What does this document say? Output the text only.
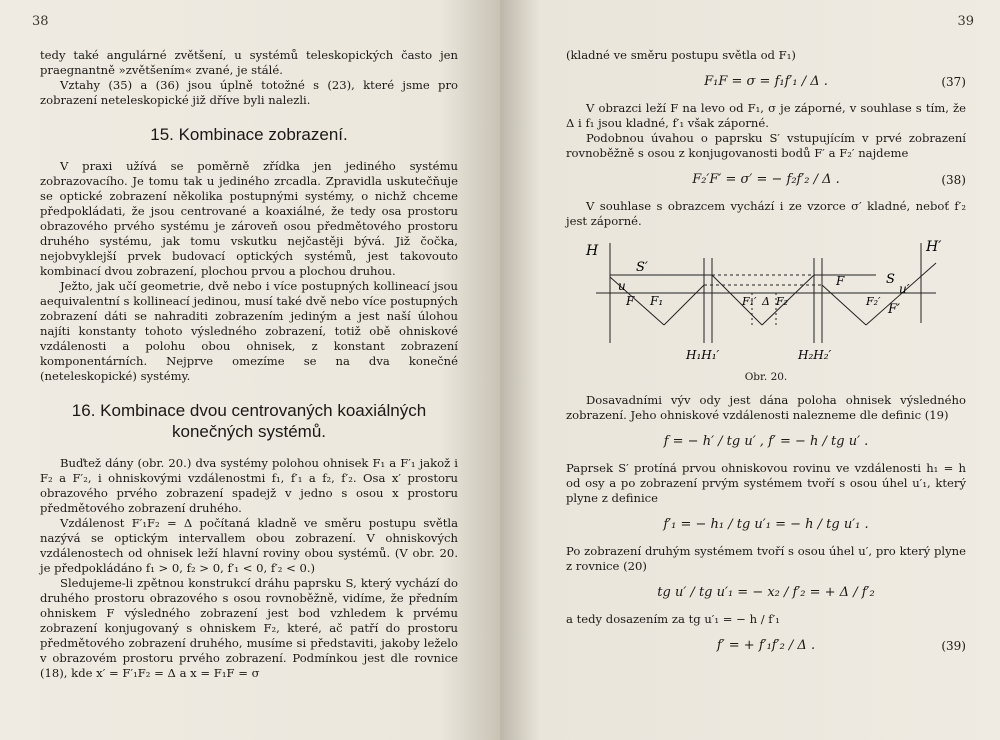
38

tedy také angulárné zvětšení, u systémů teleskopických často jen praegnantně »zvětšením« zvané, je stálé.

Vztahy (35) a (36) jsou úplně totožné s (23), které jsme pro zobrazení neteleskopické již dříve byli nalezli.

15. Kombinace zobrazení.

V praxi užívá se poměrně zřídka jen jediného systému zobrazovacího. Je tomu tak u jediného zrcadla. Zpravidla uskutečňuje se optické zobrazení několika postupnými systémy, o nichž chceme předpokládati, že jsou centrované a koaxiálné, že tedy osa prostoru obrazového prvého systému je zároveň osou předmětového prostoru druhého systému, jak tomu vskutku nejčastěji bývá. Již čočka, nejobvyklejší prvek budovací optických systémů, jest takovouto kombinací dvou zobrazení, plochou prvou a plochou druhou.

Ježto, jak učí geometrie, dvě nebo i více postupných kollineací jsou aequivalentní s kollineací jedinou, musí také dvě nebo více postupných zobrazení dáti se nahraditi zobrazením jediným a jest naší úlohou najíti konstanty tohoto výsledného zobrazení, totiž obě ohniskové vzdálenosti a polohu obou ohnisek, z konstant zobrazení komponentárních. Nejprve omezíme se na dva konečné (neteleskopické) systémy.

16. Kombinace dvou centrovaných koaxiálných
konečných systémů.

Buďtež dány (obr. 20.) dva systémy polohou ohnisek F₁ a F′₁ jakož i F₂ a F′₂, i ohniskovými vzdálenostmi f₁, f′₁ a f₂, f′₂. Osa x′ prostoru obrazového prvého zobrazení spadejž v jedno s osou x prostoru předmětového zobrazení druhého.

Vzdálenost F′₁F₂ = Δ počítaná kladně ve směru postupu světla nazývá se optickým intervallem obou zobrazení. V ohniskových vzdálenostech od ohnisek leží hlavní roviny obou systémů. (V obr. 20. je předpokládáno f₁ > 0, f₂ > 0, f′₁ < 0, f′₂ < 0.)

Sledujeme-li zpětnou konstrukcí dráhu paprsku S, který vychází do druhého prostoru obrazového s osou rovnoběžně, vidíme, že předním ohniskem F výsledného zobrazení jest bod vzhledem k prvému zobrazení konjugovaný s ohniskem F₂, které, ač patří do prostoru předmětového zobrazení druhého, musíme si představiti, jakoby leželo v obrazovém prostoru prvého zobrazení. Podmínkou jest dle rovnice (18), kde x′ = F′₁F₂ = Δ a x = F₁F = σ

39

(kladné ve směru postupu světla od F₁)

F₁F = σ = f₁f′₁ / Δ .	(37)

V obrazci leží F na levo od F₁, σ je záporné, v souhlase s tím, že Δ i f₁ jsou kladné, f′₁ však záporné.

Podobnou úvahou o paprsku S′ vstupujícím v prvé zobrazení rovnoběžně s osou z konjugovanosti bodů F′ a F₂′ najdeme

F₂′F′ = σ′ = − f₂f′₂ / Δ .	(38)

V souhlase s obrazcem vychází i ze vzorce σ′ kladné, neboť f′₂ jest záporné.

H	H′
S′
S
u′
u
F F₁	F₁′ Δ F₂	F₂′
F
F′
H₁H₁′	H₂H₂′
Obr. 20.

Dosavadními výv ody jest dána poloha ohnisek výsledného zobrazení. Jeho ohniskové vzdálenosti nalezneme dle definic (19)

f = − h′ / tg u′ , f′ = − h / tg u′ .

Paprsek S′ protíná prvou ohniskovou rovinu ve vzdálenosti h₁ = h od osy a po zobrazení prvým systémem tvoří s osou úhel u′₁, který plyne z definice

f′₁ = − h₁ / tg u′₁ = − h / tg u′₁ .

Po zobrazení druhým systémem tvoří s osou úhel u′, pro který plyne z rovnice (20)

tg u′ / tg u′₁ = − x₂ / f′₂ = + Δ / f′₂

a tedy dosazením za tg u′₁ = − h / f′₁

f′ = + f′₁f′₂ / Δ .	(39)
